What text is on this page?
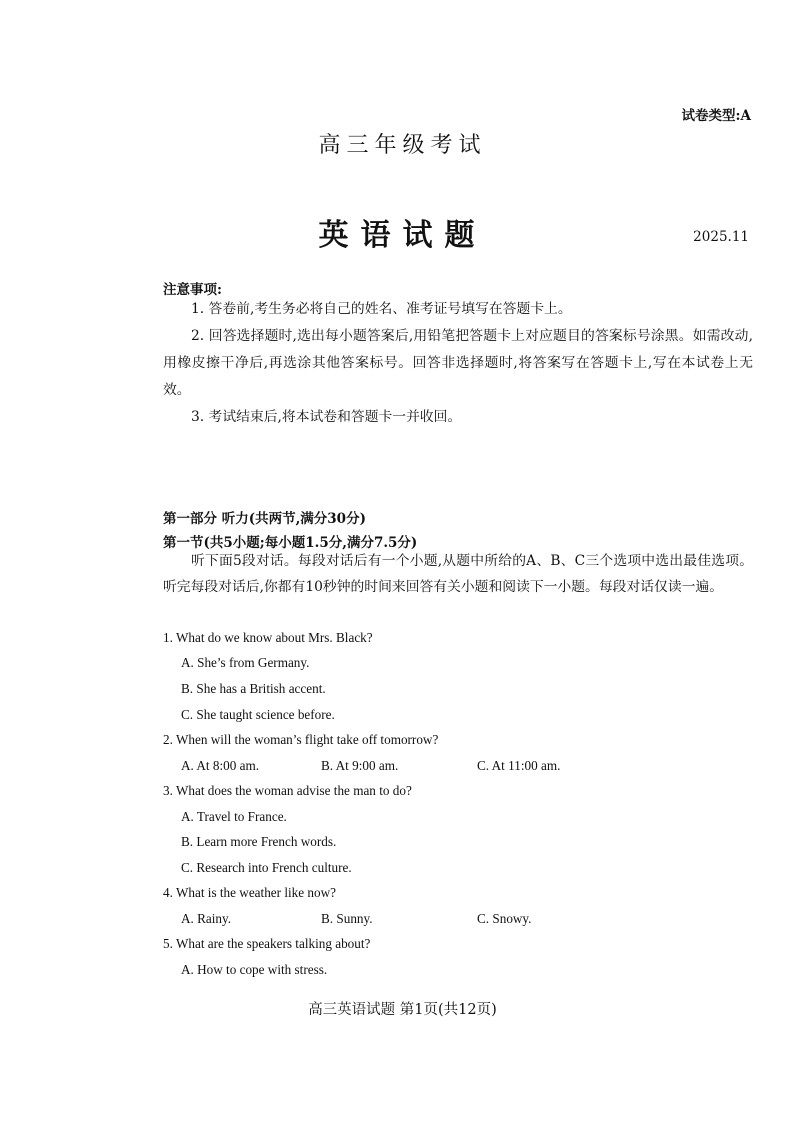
试卷类型:A
高三年级考试
英语试题	2025.11
注意事项:

1. 答卷前,考生务必将自己的姓名、准考证号填写在答题卡上。

2. 回答选择题时,选出每小题答案后,用铅笔把答题卡上对应题目的答案标号涂黑。如需改动,用橡皮擦干净后,再选涂其他答案标号。回答非选择题时,将答案写在答题卡上,写在本试卷上无效。

3. 考试结束后,将本试卷和答题卡一并收回。

第一部分 听力(共两节,满分30分)
第一节(共5小题;每小题1.5分,满分7.5分)

听下面5段对话。每段对话后有一个小题,从题中所给的A、B、C三个选项中选出最佳选项。听完每段对话后,你都有10秒钟的时间来回答有关小题和阅读下一小题。每段对话仅读一遍。

1. What do we know about Mrs. Black?
A. She’s from Germany.
B. She has a British accent.
C. She taught science before.
2. When will the woman’s flight take off tomorrow?
A. At 8:00 am.	B. At 9:00 am.	C. At 11:00 am.
3. What does the woman advise the man to do?
A. Travel to France.
B. Learn more French words.
C. Research into French culture.
4. What is the weather like now?
A. Rainy.	B. Sunny.	C. Snowy.
5. What are the speakers talking about?
A. How to cope with stress.
高三英语试题 第1页(共12页)
